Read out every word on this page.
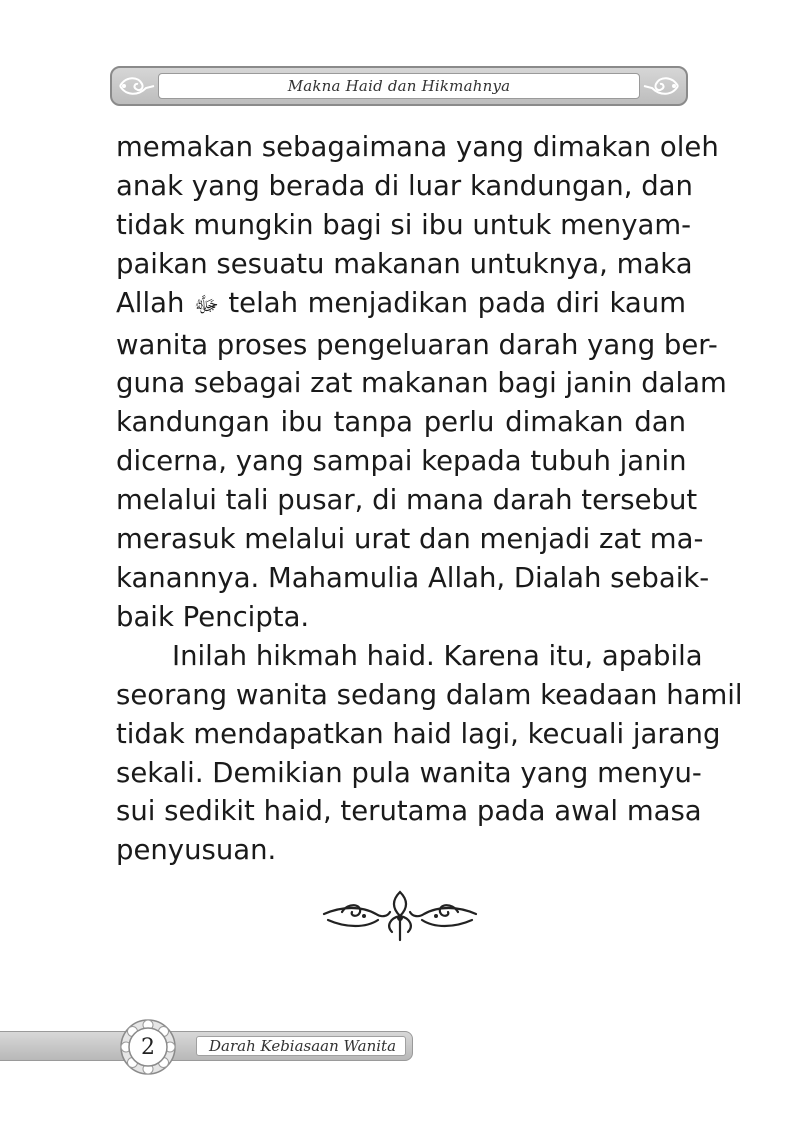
Makna Haid dan Hikmahnya

memakan sebagaimana yang dimakan oleh
anak yang berada di luar kandungan, dan
tidak mungkin bagi si ibu untuk menyam-
paikan sesuatu makanan untuknya, maka
Allah ﷻ telah menjadikan pada diri kaum
wanita proses pengeluaran darah yang ber-
guna sebagai zat makanan bagi janin dalam
kandungan ibu tanpa perlu dimakan dan
dicerna, yang sampai kepada tubuh janin
melalui tali pusar, di mana darah tersebut
merasuk melalui urat dan menjadi zat ma-
kanannya. Mahamulia Allah, Dialah sebaik-
baik Pencipta.

Inilah hikmah haid. Karena itu, apabila
seorang wanita sedang dalam keadaan hamil
tidak mendapatkan haid lagi, kecuali jarang
sekali. Demikian pula wanita yang menyu-
sui sedikit haid, terutama pada awal masa
penyusuan.

Darah Kebiasaan Wanita
2
